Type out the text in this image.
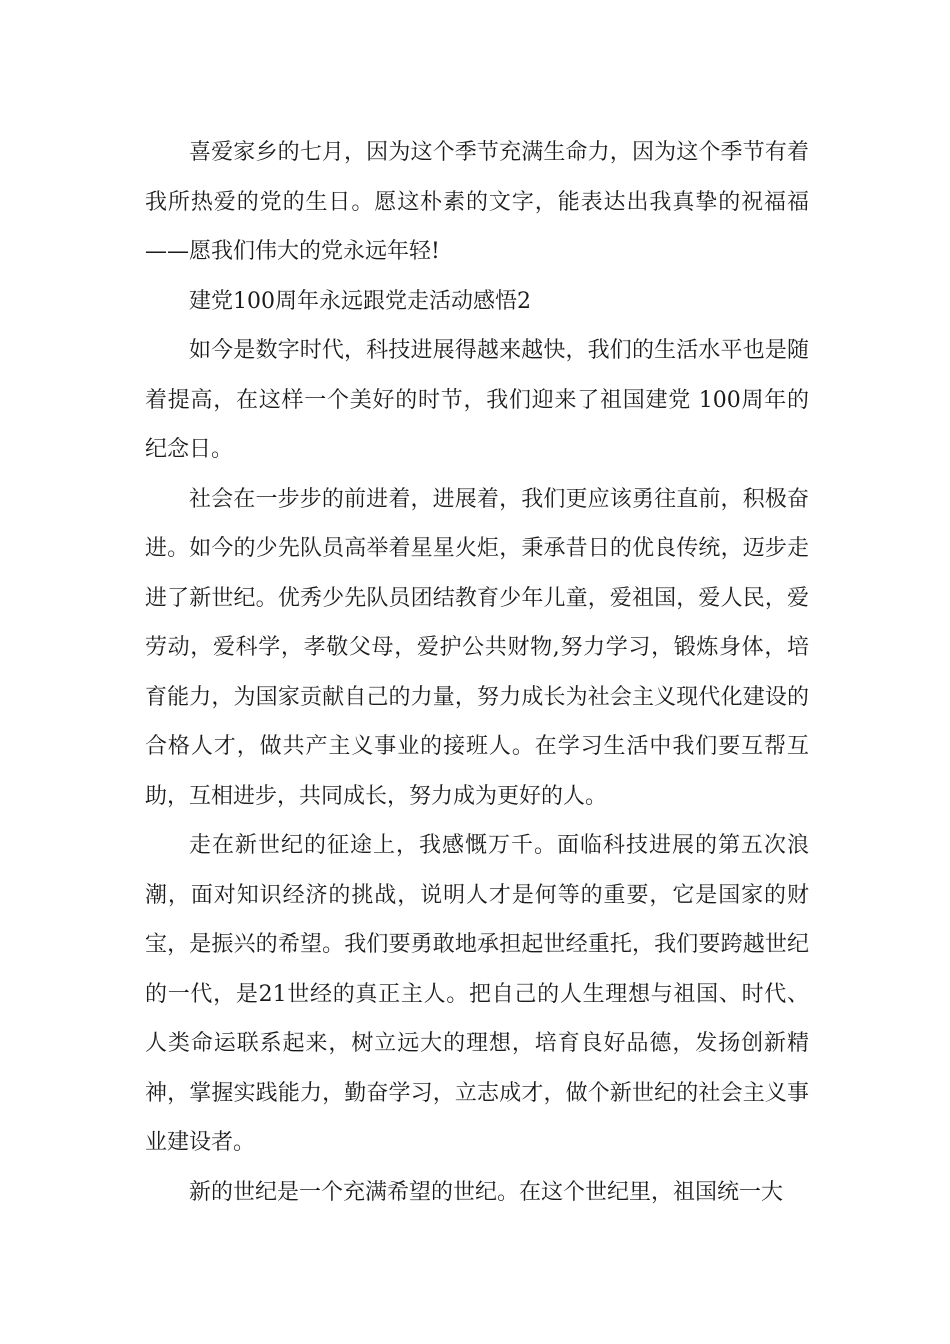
喜爱家乡的七月，因为这个季节充满生命力，因为这个季节有着我所热爱的党的生日。愿这朴素的文字，能表达出我真挚的祝福福——愿我们伟大的党永远年轻!

建党100周年永远跟党走活动感悟2

如今是数字时代，科技进展得越来越快，我们的生活水平也是随着提高，在这样一个美好的时节，我们迎来了祖国建党 100周年的纪念日。

社会在一步步的前进着，进展着，我们更应该勇往直前，积极奋进。如今的少先队员高举着星星火炬，秉承昔日的优良传统，迈步走进了新世纪。优秀少先队员团结教育少年儿童，爱祖国，爱人民，爱劳动，爱科学，孝敬父母，爱护公共财物,努力学习，锻炼身体，培育能力，为国家贡献自己的力量，努力成长为社会主义现代化建设的合格人才，做共产主义事业的接班人。在学习生活中我们要互帮互助，互相进步，共同成长，努力成为更好的人。

走在新世纪的征途上，我感慨万千。面临科技进展的第五次浪潮，面对知识经济的挑战，说明人才是何等的重要，它是国家的财宝，是振兴的希望。我们要勇敢地承担起世经重托，我们要跨越世纪的一代，是21世经的真正主人。把自己的人生理想与祖国、时代、人类命运联系起来，树立远大的理想，培育良好品德，发扬创新精神，掌握实践能力，勤奋学习，立志成才，做个新世纪的社会主义事业建设者。

新的世纪是一个充满希望的世纪。在这个世纪里，祖国统一大
